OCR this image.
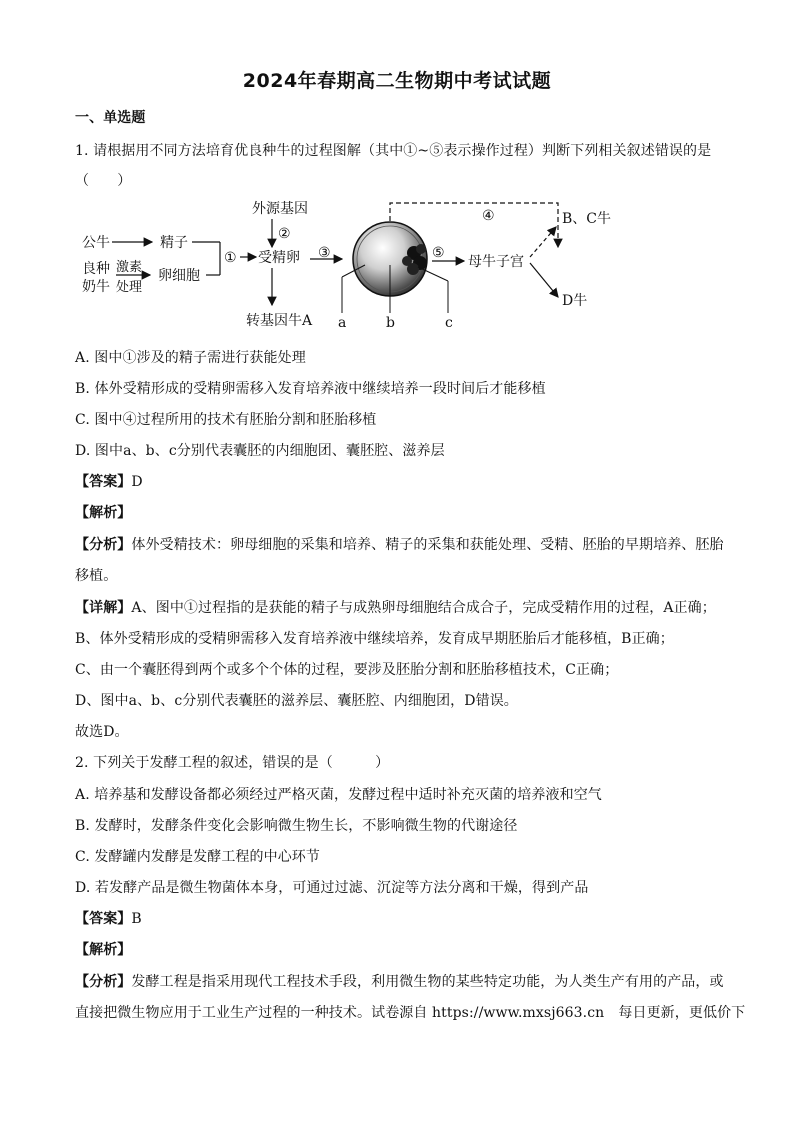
2024年春期高二生物期中考试试题
一、单选题
1. 请根据用不同方法培育优良种牛的过程图解（其中①~⑤表示操作过程）判断下列相关叙述错误的是
（　　）
公牛	精子
良种
奶牛
激素
处理
卵细胞
①
外源基因
②
受精卵
转基因牛A
③
a	b	c
④
⑤
母牛子宫
B、C牛
D牛
A. 图中①涉及的精子需进行获能处理
B. 体外受精形成的受精卵需移入发育培养液中继续培养一段时间后才能移植
C. 图中④过程所用的技术有胚胎分割和胚胎移植
D. 图中a、b、c分别代表囊胚的内细胞团、囊胚腔、滋养层
【答案】D
【解析】
【分析】体外受精技术：卵母细胞的采集和培养、精子的采集和获能处理、受精、胚胎的早期培养、胚胎
移植。
【详解】A、图中①过程指的是获能的精子与成熟卵母细胞结合成合子，完成受精作用的过程，A正确；
B、体外受精形成的受精卵需移入发育培养液中继续培养，发育成早期胚胎后才能移植，B正确；
C、由一个囊胚得到两个或多个个体的过程，要涉及胚胎分割和胚胎移植技术，C正确；
D、图中a、b、c分别代表囊胚的滋养层、囊胚腔、内细胞团，D错误。
故选D。
2. 下列关于发酵工程的叙述，错误的是（　　　）
A. 培养基和发酵设备都必须经过严格灭菌，发酵过程中适时补充灭菌的培养液和空气
B. 发酵时，发酵条件变化会影响微生物生长，不影响微生物的代谢途径
C. 发酵罐内发酵是发酵工程的中心环节
D. 若发酵产品是微生物菌体本身，可通过过滤、沉淀等方法分离和干燥，得到产品
【答案】B
【解析】
【分析】发酵工程是指采用现代工程技术手段，利用微生物的某些特定功能，为人类生产有用的产品，或
直接把微生物应用于工业生产过程的一种技术。试卷源自 https://www.mxsj663.cn　每日更新，更低价下
